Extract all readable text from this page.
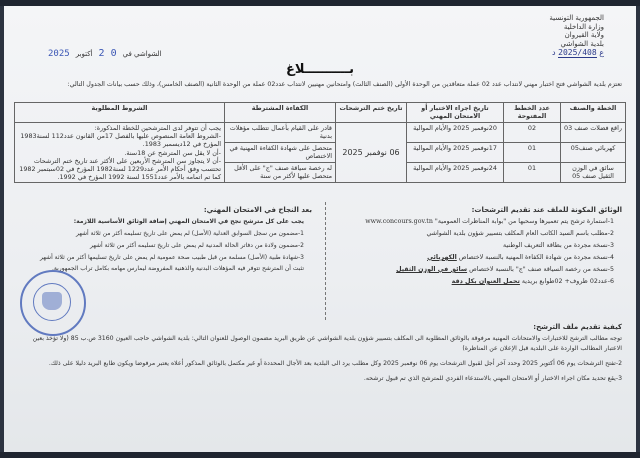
الجمهورية التونسية
وزارة الداخلية
ولاية القيروان
بلدية الشواشي
ع 2025/408 د
الشواشي في
0 2
أكتوبر
2025
بــــــــــلاغ
تعتزم بلدية الشواشي فتح اختبار مهني لانتداب عدد 02 عملة متعاقدين من الوحدة الأولى (الصنف الثالث) وامتحانين مهنيين لانتداب عدد02 عملة من الوحدة الثانية (الصنف الخامس)، وذلك حسب بيانات الجدول التالي:
الخطة والصنف	عدد الخطط المفتوحة	تاريخ اجراء الاختبار أو الامتحان المهني	تاريخ ختم الترشحات	الكفاءة المشترطة	الشروط المطلوبة
راقع فضلات صنف 03	02	20نوفمبر 2025 والأيام الموالية	06 نوفمبر 2025	قادر على القيام بأعمال تتطلب مؤهلات بدنية	يجب أن تتوفر لدى المترشحين للخطة المذكورة:
-الشروط العامة المنصوص عليها بالفصل 17من القانون عدد112 لسنة1983 المؤرخ في 12ديسمبر 1983.
-أن لا يقل سن المترشح عن 18سنة.
-أن لا يتجاوز سن المترشح الأربعين على الأكثر عند تاريخ ختم الترشحات تحتسب وفق أحكام الأمر عدد1229 لسنة1982 المؤرخ في 02سبتمبر 1982 كما تم اتمامه بالأمر عدد1551 لسنة 1992 المؤرخ في 1992.

كهربائي صنف05	01	17نوفمبر 2025 والأيام الموالية		متحصل على شهادة الكفاءة المهنية في الاختصاص	
سائق في الوزن الثقيل صنف 05	01	24نوفمبر 2025 والأيام الموالية		له رخصة سياقة صنف "ج" على الأقل متحصل عليها لأكثر من سنة	
الوثائق المكونة للملف عند تقديم الترشحات:
1-استمارة ترشح يتم تعميرها وسحبها من "بوابة المناظرات العمومية" www.concours.gov.tn
2-مطلب باسم السيد الكاتب العام المكلف بتسيير شؤون بلدية الشواشي
3-نسخة مجردة من بطاقة التعريف الوطنية
4-نسخة مجردة من شهادة الكفاءة المهنية بالنسبة لاختصاص الكهربائي
5-نسخة من رخصة السياقة صنف "ج" بالنسبة لاختصاص سائق في الوزن الثقيل
6-عدد02 ظروف+ 02طوابع بريدية تحمل العنوان بكل دقة
بعد النجاح في الامتحان المهني:
يجب على كل مترشح نجح في الامتحان المهني إضافة الوثائق الأساسية اللازمة:
1-مضمون من سجل السوابق العدلية (الأصل) لم يمض على تاريخ تسليمه أكثر من ثلاثة أشهر
2-مضمون ولادة من دفاتر الحالة المدنية لم يمض على تاريخ تسليمه أكثر من ثلاثة أشهر
3-شهادة طبية (الأصل) مسلمة من قبل طبيب صحة عمومية لم يمض على تاريخ تسليمها أكثر من ثلاثة أشهر تثبت أن المترشح تتوفر فيه المؤهلات البدنية والذهنية المفروضة ليمارس مهامه بكامل تراب الجمهورية.
كيفية تقديم ملف الترشح:

توجه مطالب الترشح للاختبارات والامتحانات المهنية مرفوقة بالوثائق المطلوبة الى المكلف بتسيير شؤون بلدية الشواشي عن طريق البريد مضمون الوصول للعنوان التالي: بلدية الشواشي حاجب العيون 3160 ص.ب 85 (ولا تؤخذ بعين الاعتبار المطالب الواردة على البلدية قبل الإعلان عن المناظرة)

2-تفتح الترشحات يوم 06 أكتوبر 2025 وحدد آخر أجل لقبول الترشحات يوم 06 نوفمبر 2025 وكل مطلب يرد الى البلدية بعد الأجال المحددة أو غير مكتمل بالوثائق المذكور أعلاه يعتبر مرفوضا ويكون طابع البريد دليلا على ذلك.

3-يقع تحديد مكان اجراء الاختبار أو الامتحان المهني بالاستدعاء الفردي للمترشح الذي تم قبول ترشحه.
